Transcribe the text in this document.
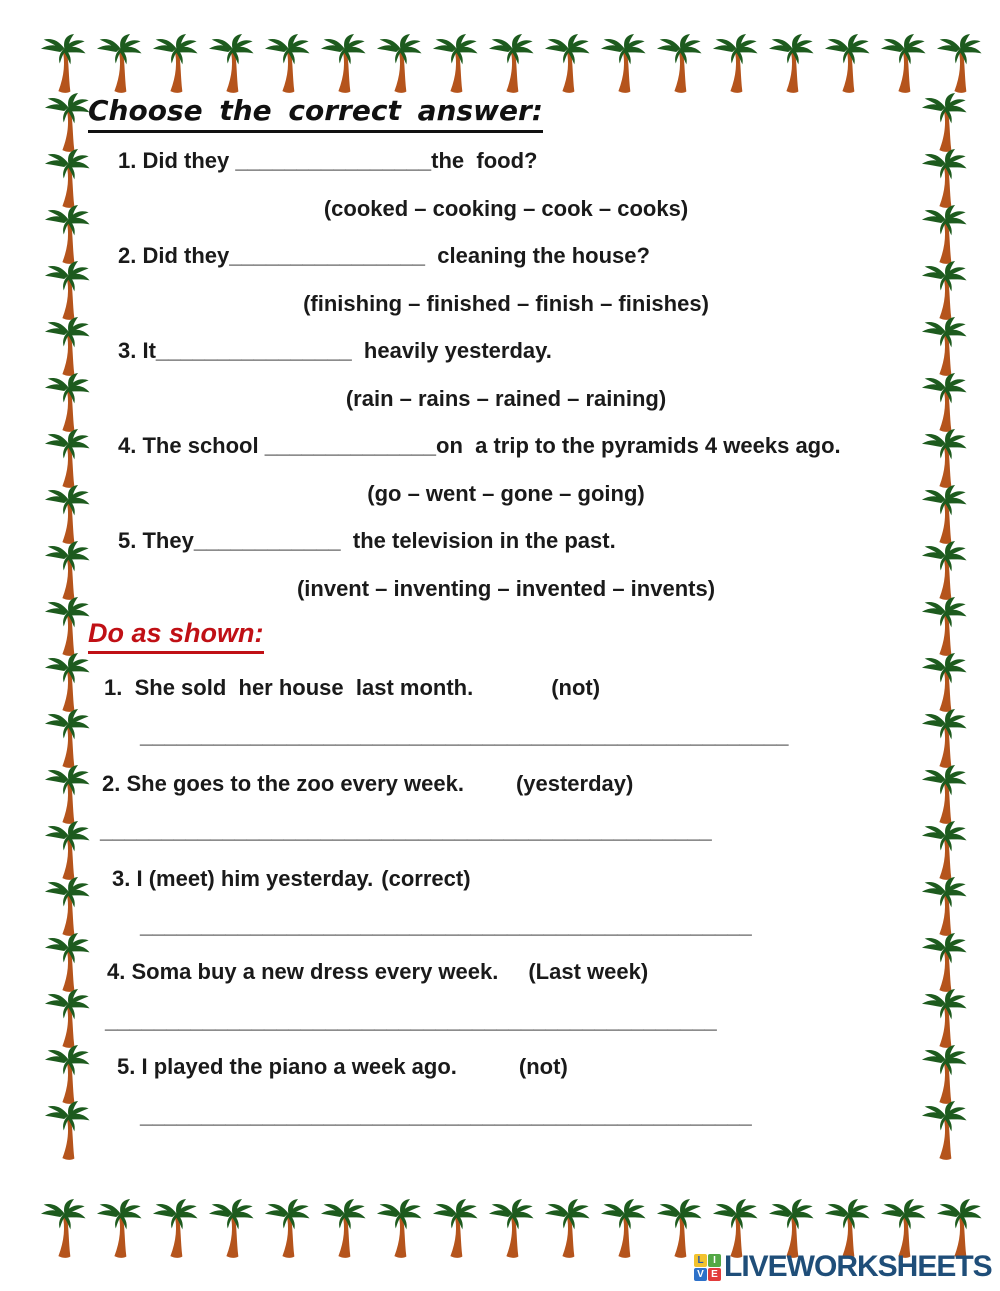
Choose the correct answer:
1. Did they ________________the  food?
(cooked – cooking – cook – cooks)
2. Did they________________  cleaning the house?
(finishing – finished – finish – finishes)
3. It________________  heavily yesterday.
(rain – rains – rained – raining)
4. The school ______________on  a trip to the pyramids 4 weeks ago.
(go – went – gone – going)
5. They____________  the television in the past.
(invent – inventing – invented – invents)
Do as shown:
1.  She sold  her house  last month.	(not)
_____________________________________________________
2. She goes to the zoo every week. (yesterday)
__________________________________________________
3. I (meet) him yesterday. (correct)
__________________________________________________
4. Soma buy a new dress every week. (Last week)
__________________________________________________
5. I played the piano a week ago.	(not)
__________________________________________________
L I
V E LIVEWORKSHEETS
